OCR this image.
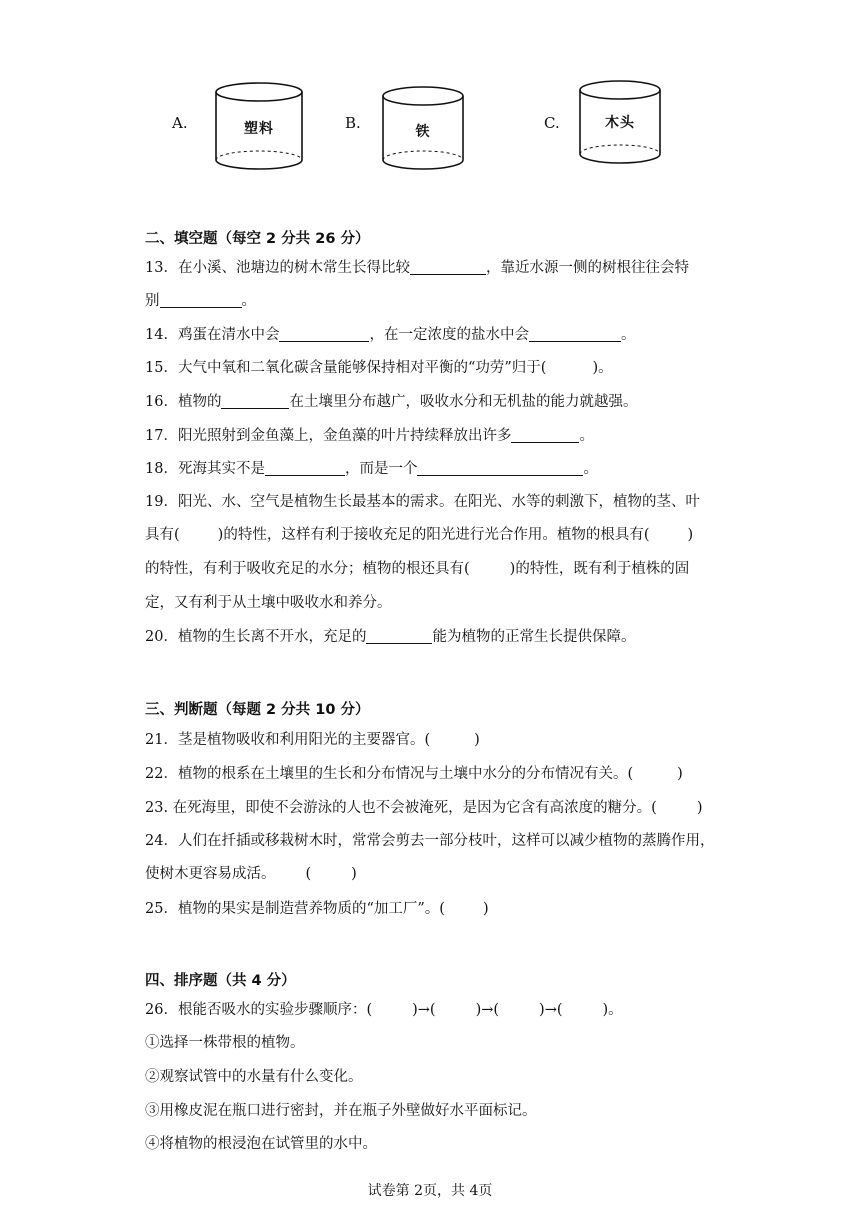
A.	塑料	B.	铁	C.	木头
二、填空题（每空 2 分共 26 分）
13．在小溪、池塘边的树木常生长得比较	，靠近水源一侧的树根往往会特
别	。
14．鸡蛋在清水中会	，在一定浓度的盐水中会	。
15．大气中氧和二氧化碳含量能够保持相对平衡的“功劳”归于(	)。
16．植物的	在土壤里分布越广，吸收水分和无机盐的能力就越强。
17．阳光照射到金鱼藻上，金鱼藻的叶片持续释放出许多	。
18．死海其实不是	，而是一个	。
19．阳光、水、空气是植物生长最基本的需求。在阳光、水等的刺激下，植物的茎、叶
具有(	)的特性，这样有利于接收充足的阳光进行光合作用。植物的根具有(	)
的特性，有利于吸收充足的水分；植物的根还具有(	)的特性，既有利于植株的固
定，又有利于从土壤中吸收水和养分。
20．植物的生长离不开水，充足的	能为植物的正常生长提供保障。
三、判断题（每题 2 分共 10 分）
21．茎是植物吸收和利用阳光的主要器官。(	)
22．植物的根系在土壤里的生长和分布情况与土壤中水分的分布情况有关。(	)
23. 在死海里，即使不会游泳的人也不会被淹死，是因为它含有高浓度的糖分。(	)
24．人们在扦插或移栽树木时，常常会剪去一部分枝叶，这样可以减少植物的蒸腾作用，
使树木更容易成活。 (	)
25．植物的果实是制造营养物质的“加工厂”。(	)
四、排序题（共 4 分）
26．根能否吸水的实验步骤顺序：(	)→(	)→(	)→(	)。
①选择一株带根的植物。
②观察试管中的水量有什么变化。
③用橡皮泥在瓶口进行密封，并在瓶子外壁做好水平面标记。
④将植物的根浸泡在试管里的水中。
试卷第 2页，共 4页
